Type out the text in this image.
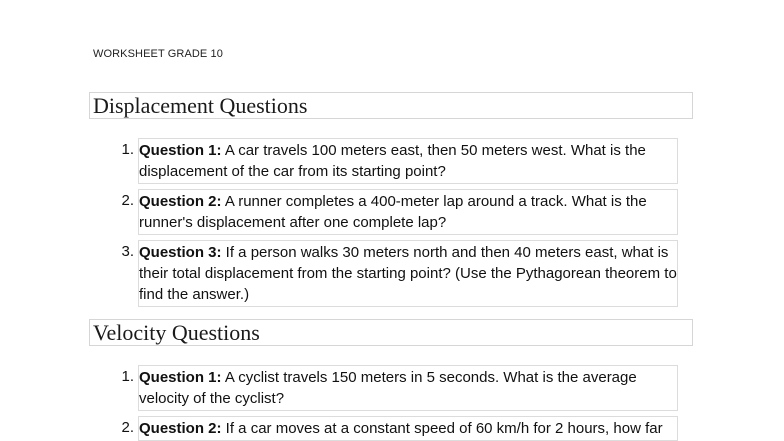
WORKSHEET GRADE 10
Displacement Questions
1. Question 1: A car travels 100 meters east, then 50 meters west. What is the displacement of the car from its starting point?
2. Question 2: A runner completes a 400-meter lap around a track. What is the runner's displacement after one complete lap?
3. Question 3: If a person walks 30 meters north and then 40 meters east, what is their total displacement from the starting point? (Use the Pythagorean theorem to find the answer.)
Velocity Questions
1. Question 1: A cyclist travels 150 meters in 5 seconds. What is the average velocity of the cyclist?
2. Question 2: If a car moves at a constant speed of 60 km/h for 2 hours, how far
